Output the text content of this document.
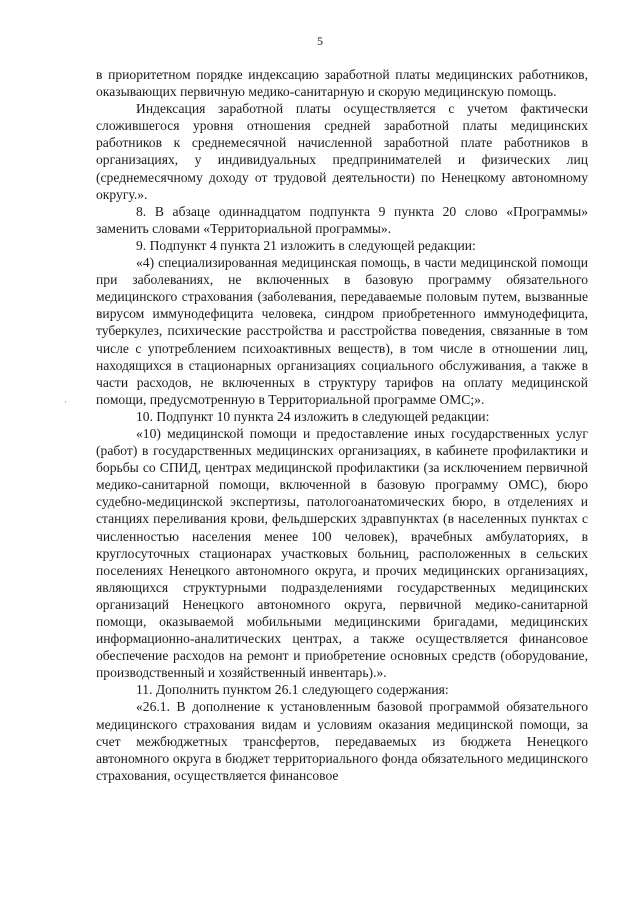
5
·

в приоритетном порядке индексацию заработной платы медицинских работников, оказывающих первичную медико-санитарную и скорую медицинскую помощь.

Индексация заработной платы осуществляется с учетом фактически сложившегося уровня отношения средней заработной платы медицинских работников к среднемесячной начисленной заработной плате работников в организациях, у индивидуальных предпринимателей и физических лиц (среднемесячному доходу от трудовой деятельности) по Ненецкому автономному округу.».

8. В абзаце одиннадцатом подпункта 9 пункта 20 слово «Программы» заменить словами «Территориальной программы».

9. Подпункт 4 пункта 21 изложить в следующей редакции:

«4) специализированная медицинская помощь, в части медицинской помощи при заболеваниях, не включенных в базовую программу обязательного медицинского страхования (заболевания, передаваемые половым путем, вызванные вирусом иммунодефицита человека, синдром приобретенного иммунодефицита, туберкулез, психические расстройства и расстройства поведения, связанные в том числе с употреблением психоактивных веществ), в том числе в отношении лиц, находящихся в стационарных организациях социального обслуживания, а также в части расходов, не включенных в структуру тарифов на оплату медицинской помощи, предусмотренную в Территориальной программе ОМС;».

10. Подпункт 10 пункта 24 изложить в следующей редакции:

«10) медицинской помощи и предоставление иных государственных услуг (работ) в государственных медицинских организациях, в кабинете профилактики и борьбы со СПИД, центрах медицинской профилактики (за исключением первичной медико-санитарной помощи, включенной в базовую программу ОМС), бюро судебно-медицинской экспертизы, патологоанатомических бюро, в отделениях и станциях переливания крови, фельдшерских здравпунктах (в населенных пунктах с численностью населения менее 100 человек), врачебных амбулаториях, в круглосуточных стационарах участковых больниц, расположенных в сельских поселениях Ненецкого автономного округа, и прочих медицинских организациях, являющихся структурными подразделениями государственных медицинских организаций Ненецкого автономного округа, первичной медико-санитарной помощи, оказываемой мобильными медицинскими бригадами, медицинских информационно-аналитических центрах, а также осуществляется финансовое обеспечение расходов на ремонт и приобретение основных средств (оборудование, производственный и хозяйственный инвентарь).».

11. Дополнить пунктом 26.1 следующего содержания:

«26.1. В дополнение к установленным базовой программой обязательного медицинского страхования видам и условиям оказания медицинской помощи, за счет межбюджетных трансфертов, передаваемых из бюджета Ненецкого автономного округа в бюджет территориального фонда обязательного медицинского страхования, осуществляется финансовое
